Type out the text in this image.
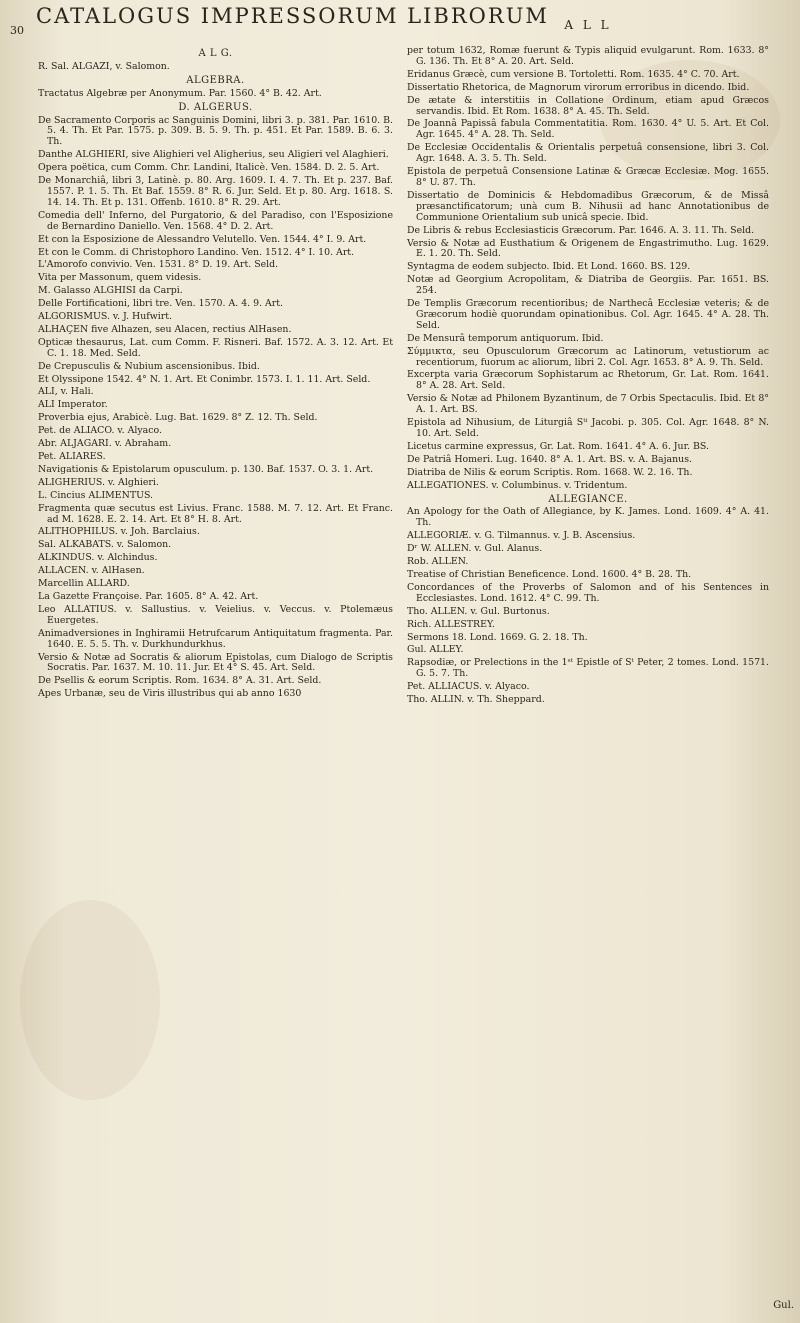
30
CATALOGUS IMPRESSORUM LIBRORUM
A L G.
R. Sal. ALGAZI, v. Salomon.
ALGEBRA.
Tractatus Algebræ per Anonymum. Par. 1560. 4° B. 42. Art.
D. ALGERUS.
De Sacramento Corporis ac Sanguinis Domini, libri 3. p. 381. Par. 1610. B. 5. 4. Th. Et Par. 1575. p. 309. B. 5. 9. Th. p. 451. Et Par. 1589. B. 6. 3. Th.
Danthe ALGHIERI, sive Alighieri vel Aligherius, seu Aligieri vel Alaghieri.
Opera poëtica, cum Comm. Chr. Landini, Italicè. Ven. 1584. D. 2. 5. Art.
De Monarchiâ, libri 3, Latinè. p. 80. Arg. 1609. I. 4. 7. Th. Et p. 237. Baf. 1557. P. 1. 5. Th. Et Baf. 1559. 8° R. 6. Jur. Seld. Et p. 80. Arg. 1618. S. 14. 14. Th. Et p. 131. Offenb. 1610. 8° R. 29. Art.
Comedia dell' Inferno, del Purgatorio, & del Paradiso, con l'Esposizione de Bernardino Daniello. Ven. 1568. 4° D. 2. Art.
Et con la Esposizione de Alessandro Velutello. Ven. 1544. 4° I. 9. Art.
Et con le Comm. di Christophoro Landino. Ven. 1512. 4° I. 10. Art.
L'Amorofo convivio. Ven. 1531. 8° D. 19. Art. Seld.
Vita per Massonum, quem videsis.
M. Galasso ALGHISI da Carpi.
Delle Fortificationi, libri tre. Ven. 1570. A. 4. 9. Art.
ALGORISMUS. v. J. Hufwirt.
ALHAÇEN five Alhazen, seu Alacen, rectius AlHasen.
Opticæ thesaurus, Lat. cum Comm. F. Risneri. Baf. 1572. A. 3. 12. Art. Et C. 1. 18. Med. Seld.
De Crepusculis & Nubium ascensionibus. Ibid.
Et Olyssipone 1542. 4° N. 1. Art. Et Conimbr. 1573. I. 1. 11. Art. Seld.
ALI, v. Hali.
ALI Imperator.
Proverbia ejus, Arabicè. Lug. Bat. 1629. 8° Z. 12. Th. Seld.
Pet. de ALIACO. v. Alyaco.
Abr. ALJAGARI. v. Abraham.
Pet. ALIARES.
Navigationis & Epistolarum opusculum. p. 130. Baf. 1537. O. 3. 1. Art.
ALIGHERIUS. v. Alghieri.
L. Cincius ALIMENTUS.
Fragmenta quæ secutus est Livius. Franc. 1588. M. 7. 12. Art. Et Franc. ad M. 1628. E. 2. 14. Art. Et 8° H. 8. Art.
ALITHOPHILUS. v. Joh. Barclaius.
Sal. ALKABATS. v. Salomon.
ALKINDUS. v. Alchindus.
ALLACEN. v. AlHasen.
Marcellin ALLARD.
La Gazette Françoise. Par. 1605. 8° A. 42. Art.
Leo ALLATIUS. v. Sallustius. v. Veielius. v. Veccus. v. Ptolemæus Euergetes.
Animadversiones in Inghiramii Hetrufcarum Antiquitatum fragmenta. Par. 1640. E. 5. 5. Th. v. Durkhundurkhus.
Versio & Notæ ad Socratis & aliorum Epistolas, cum Dialogo de Scriptis Socratis. Par. 1637. M. 10. 11. Jur. Et 4° S. 45. Art. Seld.
De Psellis & eorum Scriptis. Rom. 1634. 8° A. 31. Art. Seld.
Apes Urbanæ, seu de Viris illustribus qui ab anno 1630
A L L
per totum 1632, Romæ fuerunt & Typis aliquid evulgarunt. Rom. 1633. 8° G. 136. Th. Et 8° A. 20. Art. Seld.
Eridanus Græcè, cum versione B. Tortoletti. Rom. 1635. 4° C. 70. Art.
Dissertatio Rhetorica, de Magnorum virorum erroribus in dicendo. Ibid.
De ætate & interstitiis in Collatione Ordinum, etiam apud Græcos servandis. Ibid. Et Rom. 1638. 8° A. 45. Th. Seld.
De Joannâ Papissâ fabula Commentatitia. Rom. 1630. 4° U. 5. Art. Et Col. Agr. 1645. 4° A. 28. Th. Seld.
De Ecclesiæ Occidentalis & Orientalis perpetuâ consensione, libri 3. Col. Agr. 1648. A. 3. 5. Th. Seld.
Epistola de perpetuâ Consensione Latinæ & Græcæ Ecclesiæ. Mog. 1655. 8° U. 87. Th.
Dissertatio de Dominicis & Hebdomadibus Græcorum, & de Missâ præsanctificatorum; unà cum B. Nihusii ad hanc Annotationibus de Communione Orientalium sub unicâ specie. Ibid.
De Libris & rebus Ecclesiasticis Græcorum. Par. 1646. A. 3. 11. Th. Seld.
Versio & Notæ ad Eusthatium & Origenem de Engastrimutho. Lug. 1629. E. 1. 20. Th. Seld.
Syntagma de eodem subjecto. Ibid. Et Lond. 1660. BS. 129.
Notæ ad Georgium Acropolitam, & Diatriba de Georgiis. Par. 1651. BS. 254.
De Templis Græcorum recentioribus; de Narthecâ Ecclesiæ veteris; & de Græcorum hodiè quorundam opinationibus. Col. Agr. 1645. 4° A. 28. Th. Seld.
De Mensurâ temporum antiquorum. Ibid.
Σύμμικτα, seu Opusculorum Græcorum ac Latinorum, vetustiorum ac recentiorum, fuorum ac aliorum, libri 2. Col. Agr. 1653. 8° A. 9. Th. Seld.
Excerpta varia Græcorum Sophistarum ac Rhetorum, Gr. Lat. Rom. 1641. 8° A. 28. Art. Seld.
Versio & Notæ ad Philonem Byzantinum, de 7 Orbis Spectaculis. Ibid. Et 8° A. 1. Art. BS.
Epistola ad Nihusium, de Liturgiâ Sᵗⁱ Jacobi. p. 305. Col. Agr. 1648. 8° N. 10. Art. Seld.
Licetus carmine expressus, Gr. Lat. Rom. 1641. 4° A. 6. Jur. BS.
De Patriâ Homeri. Lug. 1640. 8° A. 1. Art. BS. v. A. Bajanus.
Diatriba de Nilis & eorum Scriptis. Rom. 1668. W. 2. 16. Th.
ALLEGATIONES. v. Columbinus. v. Tridentum.
ALLEGIANCE.
An Apology for the Oath of Allegiance, by K. James. Lond. 1609. 4° A. 41. Th.
ALLEGORIÆ. v. G. Tilmannus. v. J. B. Ascensius.
Dʳ W. ALLEN. v. Gul. Alanus.
Rob. ALLEN.
Treatise of Christian Beneficence. Lond. 1600. 4° B. 28. Th.
Concordances of the Proverbs of Salomon and of his Sentences in Ecclesiastes. Lond. 1612. 4° C. 99. Th.
Tho. ALLEN. v. Gul. Burtonus.
Rich. ALLESTREY.
Sermons 18. Lond. 1669. G. 2. 18. Th.
Gul. ALLEY.
Rapsodiæ, or Prelections in the 1ˢᵗ Epistle of Sᵗ Peter, 2 tomes. Lond. 1571. G. 5. 7. Th.
Pet. ALLIACUS. v. Alyaco.
Tho. ALLIN. v. Th. Sheppard.
Gul.
